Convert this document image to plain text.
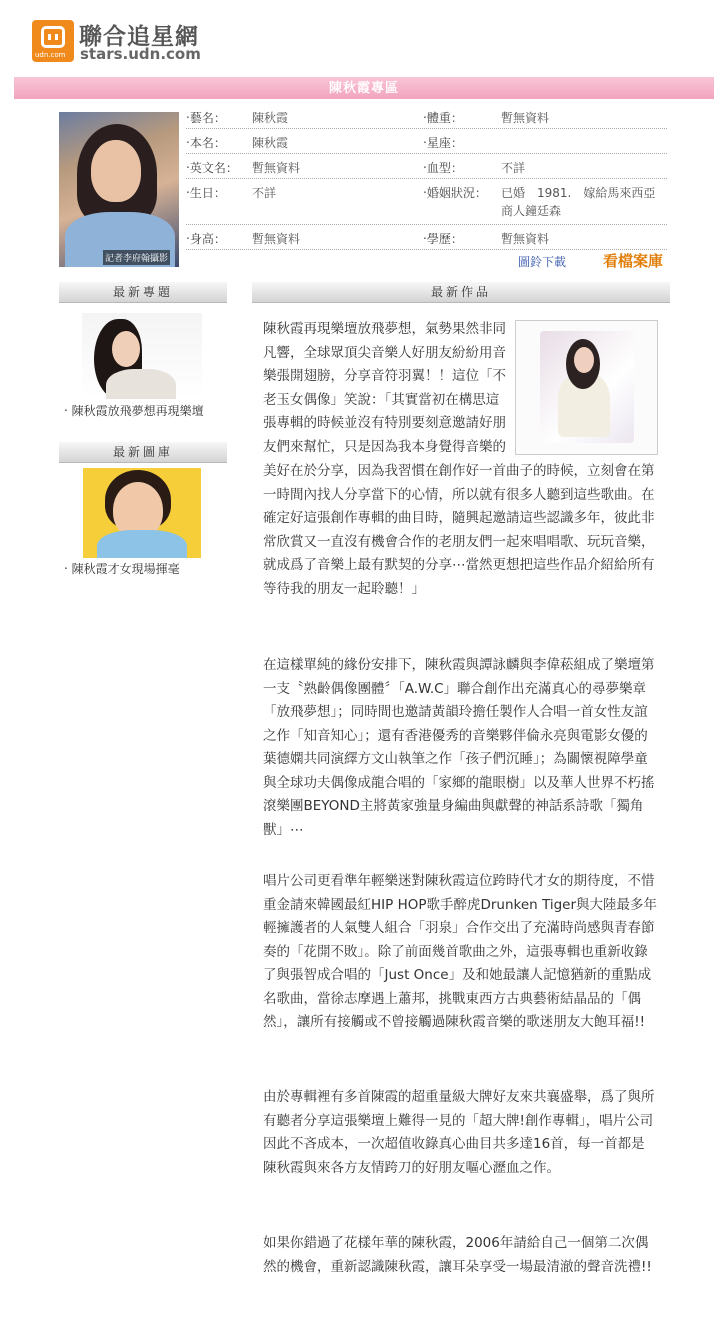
udn.com
聯合追星網
stars.udn.com
陳秋霞專區
記者李府翰攝影
‧藝名： 陳秋霞	‧體重：	暫無資料
‧本名： 陳秋霞	‧星座：
‧英文名： 暫無資料	‧血型：	不詳
‧生日： 不詳	‧婚姻狀況： 已婚　1981.　嫁給馬來西亞商人鐘廷森
‧身高： 暫無資料	‧學歷：	暫無資料
圖鈴下載 看檔案庫
最新專題
‧ 陳秋霞放飛夢想再現樂壇
最新圖庫
‧ 陳秋霞才女現場揮毫
最新作品
陳秋霞再現樂壇放飛夢想，氣勢果然非同凡響，全球眾頂尖音樂人好朋友紛紛用音樂張開翅膀，分享音符羽翼！！這位「不老玉女偶像」笑說：「其實當初在構思這張專輯的時候並沒有特別要刻意邀請好朋友們來幫忙，只是因為我本身覺得音樂的
美好在於分享，因為我習慣在創作好一首曲子的時候，立刻會在第一時間內找人分享當下的心情，所以就有很多人聽到這些歌曲。在確定好這張創作專輯的曲目時，隨興起邀請這些認識多年，彼此非常欣賞又一直沒有機會合作的老朋友們一起來唱唱歌、玩玩音樂，就成爲了音樂上最有默契的分享⋯當然更想把這些作品介紹給所有等待我的朋友一起聆聽！」
在這樣單純的緣份安排下，陳秋霞與譚詠麟與李偉菘組成了樂壇第一支〝熟齡偶像團體〞「A.W.C」聯合創作出充滿真心的尋夢樂章「放飛夢想」；同時間也邀請黃韻玲擔任製作人合唱一首女性友誼之作「知音知心」；還有香港優秀的音樂夥伴倫永亮與電影女優的葉德嫻共同演繹方文山執筆之作「孩子們沉睡」；為關懷視障學童與全球功夫偶像成龍合唱的「家鄉的龍眼樹」以及華人世界不朽搖滾樂團BEYOND主將黃家強量身編曲與獻聲的神話系詩歌「獨角獸」⋯
唱片公司更看準年輕樂迷對陳秋霞這位跨時代才女的期待度，不惜重金請來韓國最紅HIP HOP歌手醉虎Drunken Tiger與大陸最多年輕擁護者的人氣雙人組合「羽泉」合作交出了充滿時尚感與青春節奏的「花開不敗」。除了前面幾首歌曲之外，這張專輯也重新收錄了與張智成合唱的「Just Once」及和她最讓人記憶猶新的重點成名歌曲，當徐志摩遇上蕭邦，挑戰東西方古典藝術結晶品的「偶然」，讓所有接觸或不曾接觸過陳秋霞音樂的歌迷朋友大飽耳福!!
由於專輯裡有多首陳霞的超重量級大牌好友來共襄盛舉，爲了與所有聽者分享這張樂壇上難得一見的「超大牌!創作專輯」，唱片公司因此不吝成本，一次超值收錄真心曲目共多達16首，每一首都是陳秋霞與來各方友情跨刀的好朋友嘔心瀝血之作。
如果你錯過了花樣年華的陳秋霞，2006年請給自己一個第二次偶然的機會，重新認識陳秋霞，讓耳朵享受一場最清澈的聲音洗禮!!
